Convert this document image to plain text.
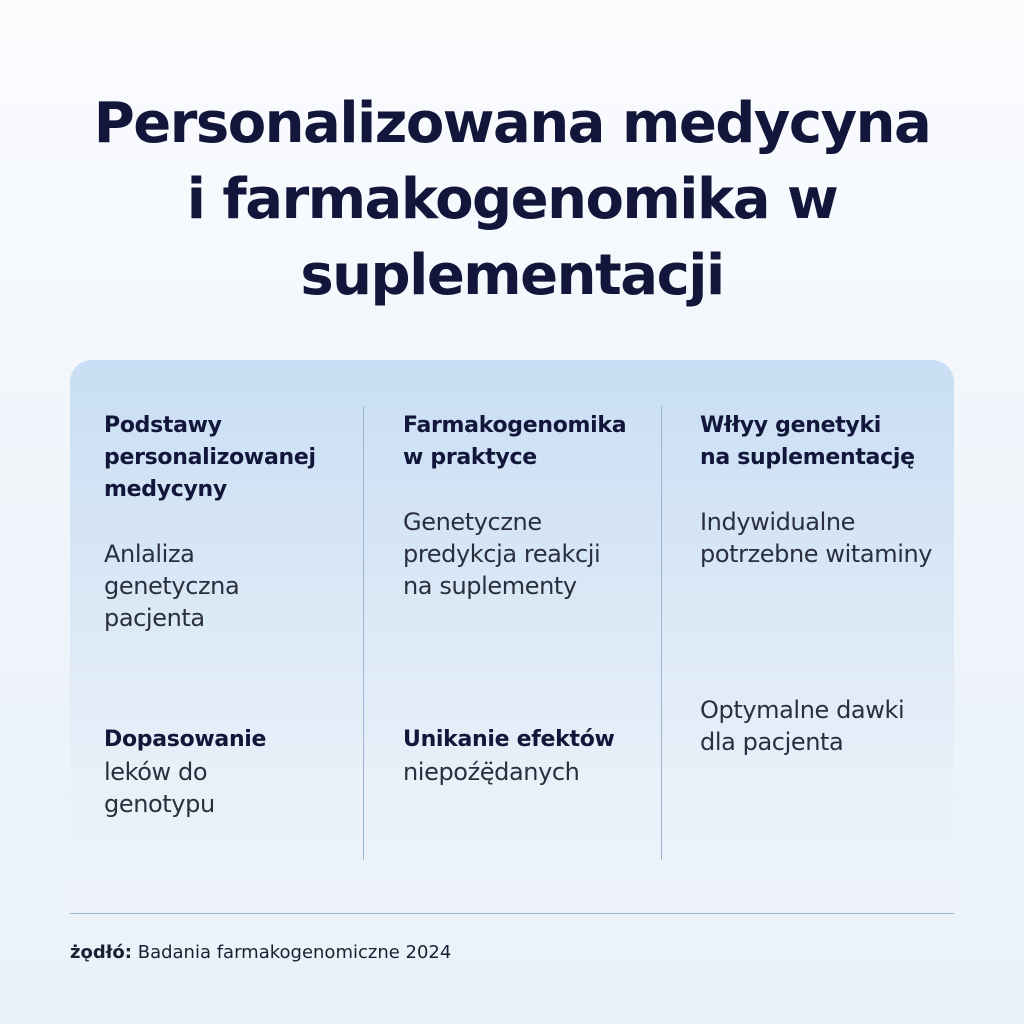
Personalizowana medycyna
i farmakogenomika w
suplementacji
Podstawy
personalizowanej
medycyny
Anlaliza
genetyczna
pacjenta
Dopasowanie
leków do
genotypu
Farmakogenomika
w praktyce
Genetyczne
predykcja reakcji
na suplementy
Unikanie efektów
niepoźę̈danych
Włłyy genetyki
na suplementację
Indywidualne
potrzebne witaminy
Optymalne dawki
dla pacjenta
żǫdłó: Badania farmakogenomiczne 2024
